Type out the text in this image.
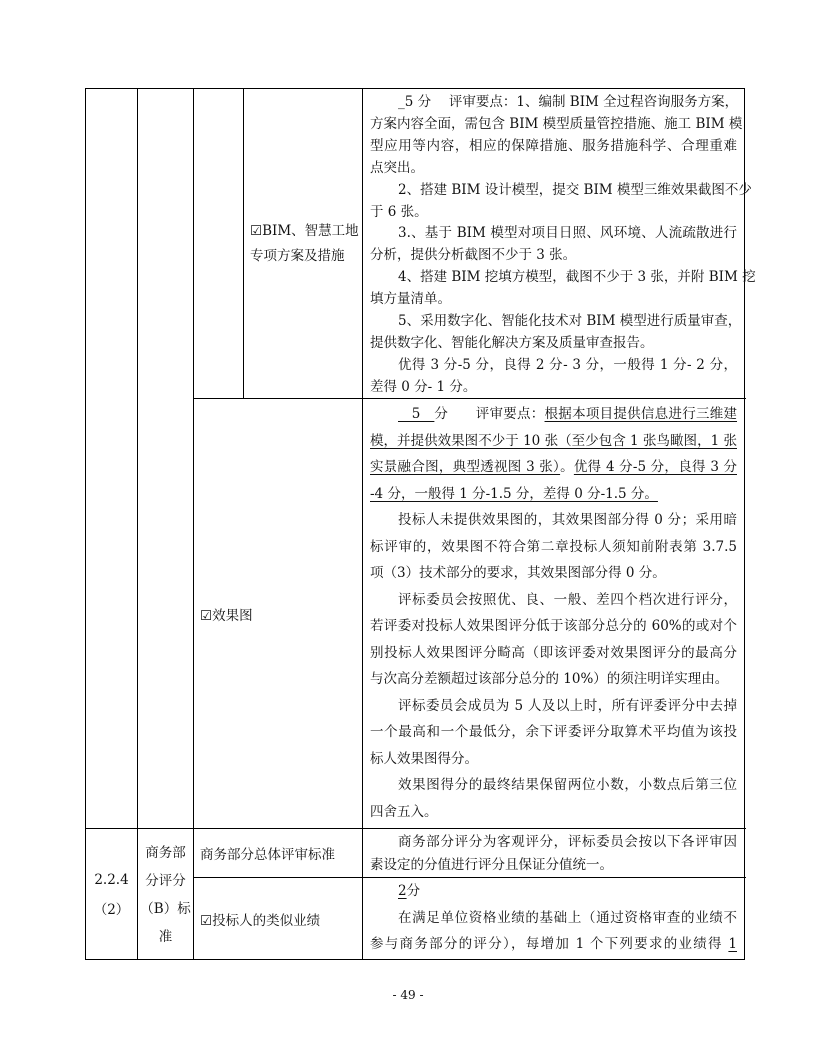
☑BIM、智慧工地
专项方案及措施
_5 分　 评审要点：1、编制 BIM 全过程咨询服务方案，
方案内容全面，需包含 BIM 模型质量管控措施、施工 BIM 模
型应用等内容，相应的保障措施、服务措施科学、合理重难
点突出。
2、搭建 BIM 设计模型，提交 BIM 模型三维效果截图不少
于 6 张。
3.、基于 BIM 模型对项目日照、风环境、人流疏散进行
分析，提供分析截图不少于 3 张。
4、搭建 BIM 挖填方模型，截图不少于 3 张，并附 BIM 挖
填方量清单。
5、采用数字化、智能化技术对 BIM 模型进行质量审查，
提供数字化、智能化解决方案及质量审查报告。
优得 3 分-5 分，良得 2 分- 3 分，一般得 1 分- 2 分，
差得 0 分- 1 分。
☑效果图
　5　分　　评审要点：根据本项目提供信息进行三维建
模，并提供效果图不少于 10 张（至少包含 1 张鸟瞰图，1 张
实景融合图，典型透视图 3 张）。优得 4 分-5 分，良得 3 分
-4 分，一般得 1 分-1.5 分，差得 0 分-1.5 分。
投标人未提供效果图的，其效果图部分得 0 分；采用暗
标评审的，效果图不符合第二章投标人须知前附表第 3.7.5
项（3）技术部分的要求，其效果图部分得 0 分。
评标委员会按照优、良、一般、差四个档次进行评分，
若评委对投标人效果图评分低于该部分总分的 60%的或对个
别投标人效果图评分畸高（即该评委对效果图评分的最高分
与次高分差额超过该部分总分的 10%）的须注明详实理由。
评标委员会成员为 5 人及以上时，所有评委评分中去掉
一个最高和一个最低分，余下评委评分取算术平均值为该投
标人效果图得分。
效果图得分的最终结果保留两位小数，小数点后第三位
四舍五入。
2.2.4
（2）
商务部
分评分
（B）标
准
商务部分总体评审标准
商务部分评分为客观评分，评标委员会按以下各评审因
素设定的分值进行评分且保证分值统一。
☑投标人的类似业绩
2分
在满足单位资格业绩的基础上（通过资格审查的业绩不
参与商务部分的评分），每增加 1 个下列要求的业绩得 1
- 49 -
